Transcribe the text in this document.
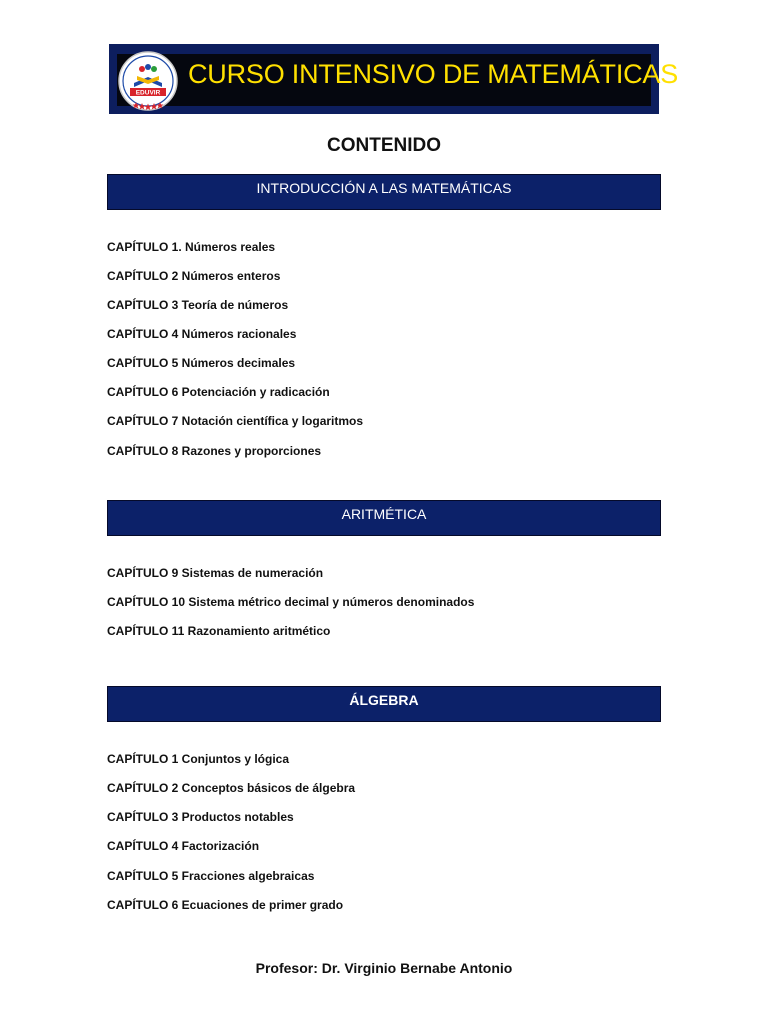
EDUVIR
CURSO INTENSIVO DE MATEMÁTICAS
CONTENIDO
INTRODUCCIÓN A LAS MATEMÁTICAS
CAPÍTULO 1. Números reales
CAPÍTULO 2 Números enteros
CAPÍTULO 3 Teoría de números
CAPÍTULO 4 Números racionales
CAPÍTULO 5 Números decimales
CAPÍTULO 6 Potenciación y radicación
CAPÍTULO 7 Notación científica y logaritmos
CAPÍTULO 8 Razones y proporciones
ARITMÉTICA
CAPÍTULO 9 Sistemas de numeración
CAPÍTULO 10 Sistema métrico decimal y números denominados
CAPÍTULO 11 Razonamiento aritmético
ÁLGEBRA
CAPÍTULO 1 Conjuntos y lógica
CAPÍTULO 2 Conceptos básicos de álgebra
CAPÍTULO 3 Productos notables
CAPÍTULO 4 Factorización
CAPÍTULO 5 Fracciones algebraicas
CAPÍTULO 6 Ecuaciones de primer grado
Profesor: Dr. Virginio Bernabe Antonio
